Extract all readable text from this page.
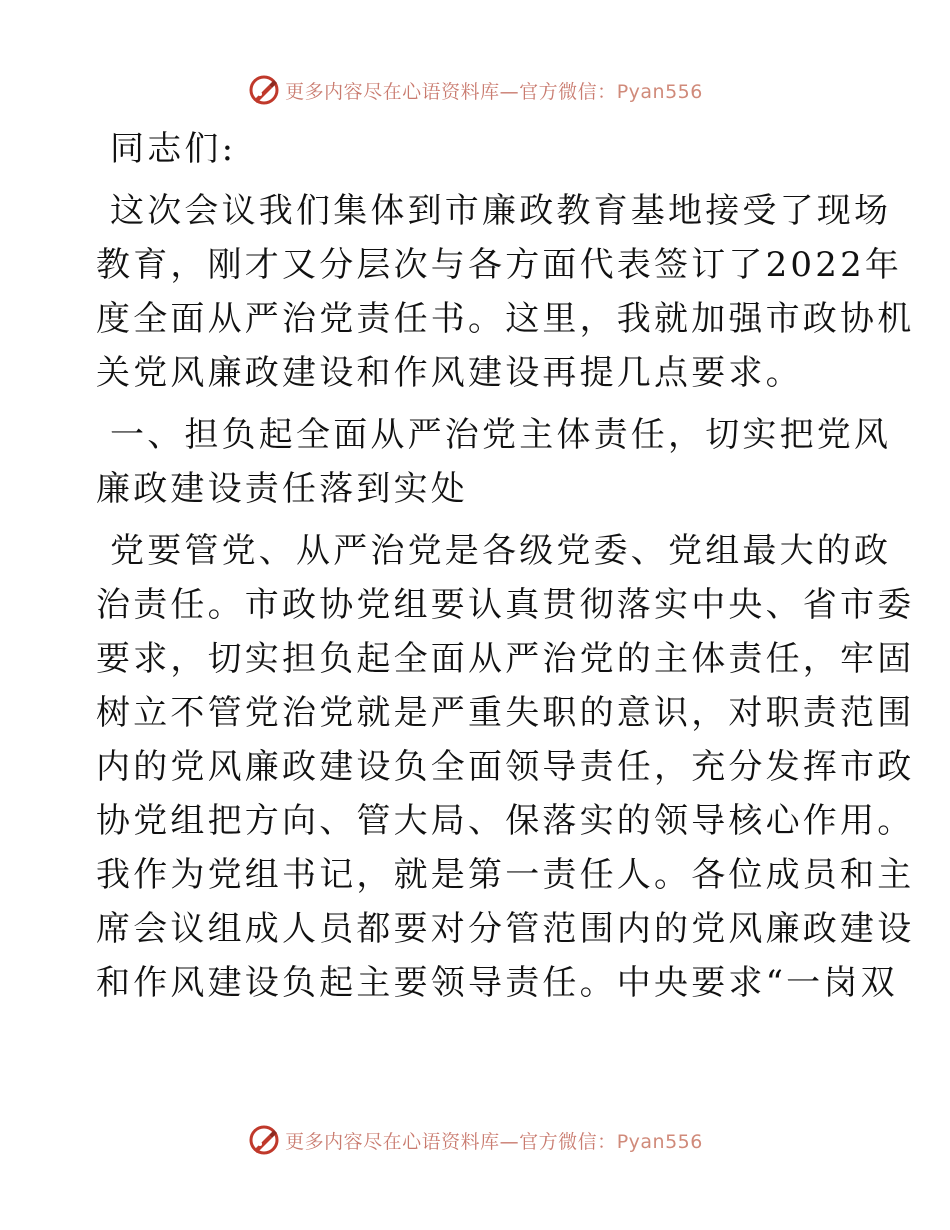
更多内容尽在心语资料库—官方微信：Pyan556
同志们:
这次会议我们集体到市廉政教育基地接受了现场
教育，刚才又分层次与各方面代表签订了2022年
度全面从严治党责任书。这里，我就加强市政协机
关党风廉政建设和作风建设再提几点要求。
一、担负起全面从严治党主体责任，切实把党风
廉政建设责任落到实处
党要管党、从严治党是各级党委、党组最大的政
治责任。市政协党组要认真贯彻落实中央、省市委
要求，切实担负起全面从严治党的主体责任，牢固
树立不管党治党就是严重失职的意识，对职责范围
内的党风廉政建设负全面领导责任，充分发挥市政
协党组把方向、管大局、保落实的领导核心作用。
我作为党组书记，就是第一责任人。各位成员和主
席会议组成人员都要对分管范围内的党风廉政建设
和作风建设负起主要领导责任。中央要求“一岗双
更多内容尽在心语资料库—官方微信：Pyan556
